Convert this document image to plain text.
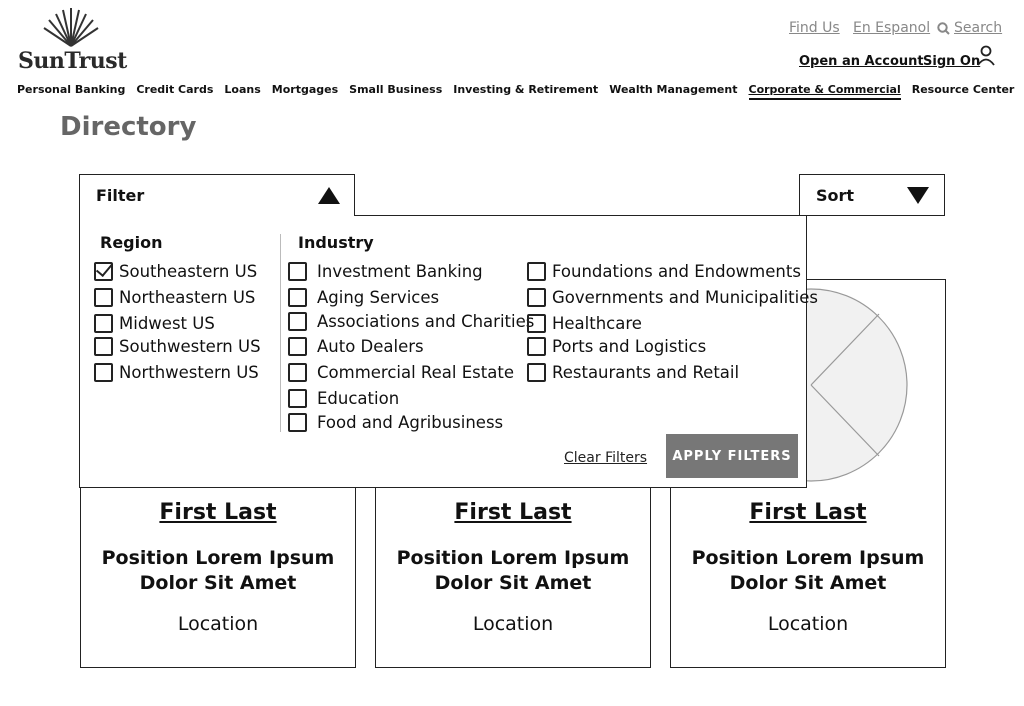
SunTrust
Find Us En Espanol Search
Open an Account Sign On
Personal Banking Credit Cards Loans Mortgages Small Business Investing & Retirement Wealth Management Corporate & Commercial Resource Center
Directory
First Last
Position Lorem Ipsum
Dolor Sit Amet
Location
First Last
Position Lorem Ipsum
Dolor Sit Amet
Location
First Last
Position Lorem Ipsum
Dolor Sit Amet
Location
Sort
Filter
Region	Industry
Southeastern US
Northeastern US
Midwest US
Southwestern US
Northwestern US
Investment Banking
Aging Services
Associations and Charities
Auto Dealers
Commercial Real Estate
Education
Food and Agribusiness
Foundations and Endowments
Governments and Municipalities
Healthcare
Ports and Logistics
Restaurants and Retail
Clear Filters	APPLY FILTERS
